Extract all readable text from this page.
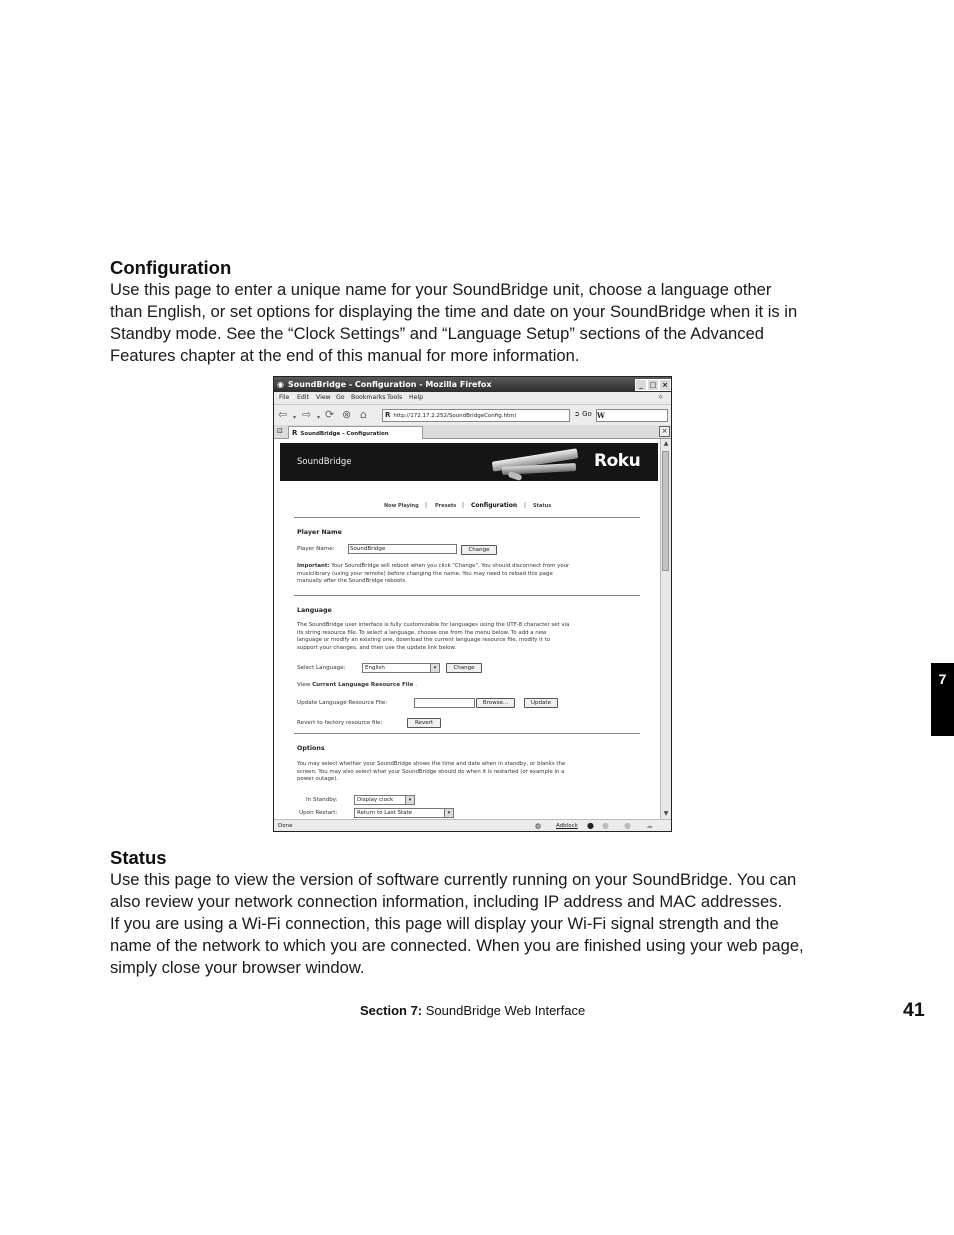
Configuration
Use this page to enter a unique name for your SoundBridge unit, choose a language other
than English, or set options for displaying the time and date on your SoundBridge when it is in
Standby mode. See the “Clock Settings” and “Language Setup” sections of the Advanced
Features chapter at the end of this manual for more information.
◉ SoundBridge - Configuration - Mozilla Firefox	_ □ ×
File Edit View Go Bookmarks Tools Help	✲
⇦ ▾ ⇨ ▾ ⟳ ⊗ ⌂	R http://172.17.2.252/SoundBridgeConfig.html	➲ Go W
⊡	R SoundBridge - Configuration	×
SoundBridge	Roku
Now Playing | Presets | Configuration | Status
Player Name
Player Name:	SoundBridge	Change
Important: Your SoundBridge will reboot when you click "Change". You should disconnect from your
musiclibrary (using your remote) before changing the name. You may need to reload this page
manually after the SoundBridge reboots.
Language
The SoundBridge user interface is fully customizable for languages using the UTF-8 character set via
its string resource file. To select a language, choose one from the menu below. To add a new
language or modify an existing one, download the current language resource file, modify it to
support your changes, and then use the update link below.
Select Language:	English	▾	Change
View Current Language Resource File .
Update Language Resource File:	Browse...	Update
Revert to factory resource file:	Revert
Options
You may select whether your SoundBridge shows the time and date when in standby, or blanks the
screen. You may also select what your SoundBridge should do when it is restarted (or example in a
power outage).
In Standby:	Display clock	▾
Upon Restart:	Return to Last State	▾
▲
▼
Done	◍	Adblock ● ● ● ☁
Status
Use this page to view the version of software currently running on your SoundBridge. You can
also review your network connection information, including IP address and MAC addresses.
If you are using a Wi-Fi connection, this page will display your Wi-Fi signal strength and the
name of the network to which you are connected. When you are finished using your web page,
simply close your browser window.
7
Section 7: SoundBridge Web Interface	41
